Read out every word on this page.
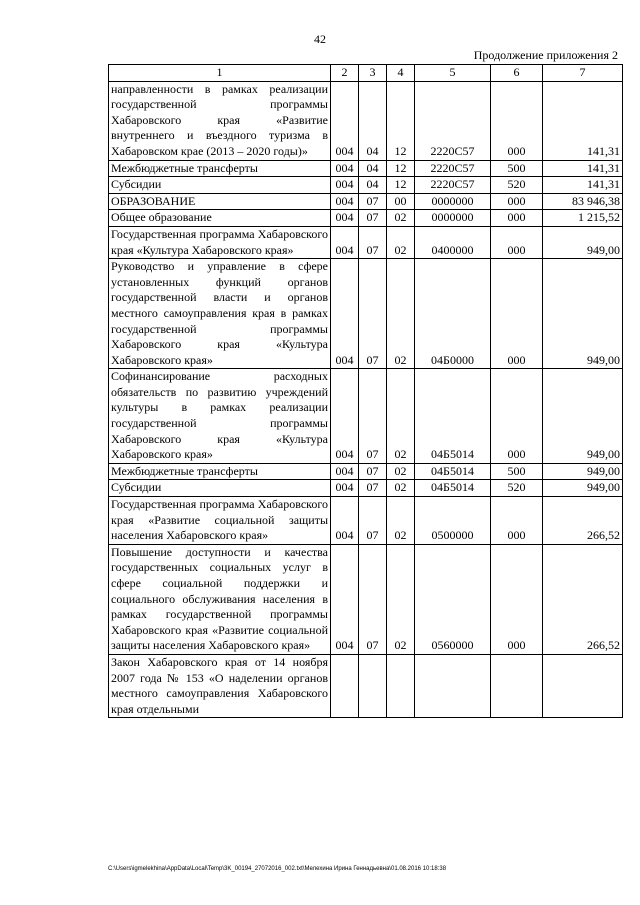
42
Продолжение приложения 2
1	2	3	4	5	6	7
направленности в рамках реализации государственной программы Хабаровского края «Развитие внутреннего и въездного туризма в Хабаровском крае (2013 – 2020 годы)»	004	04	12	2220С57	000	141,31
Межбюджетные трансферты	004	04	12	2220С57	500	141,31
Субсидии	004	04	12	2220С57	520	141,31
ОБРАЗОВАНИЕ	004	07	00	0000000	000	83 946,38
Общее образование	004	07	02	0000000	000	1 215,52
Государственная программа Хабаровского края «Культура Хабаровского края»	004	07	02	0400000	000	949,00
Руководство и управление в сфере установленных функций органов государственной власти и органов местного самоуправления края в рамках государственной программы Хабаровского края «Культура Хабаровского края»	004	07	02	04Б0000	000	949,00
Софинансирование расходных обязательств по развитию учреждений культуры в рамках реализации государственной программы Хабаровского края «Культура Хабаровского края»	004	07	02	04Б5014	000	949,00
Межбюджетные трансферты	004	07	02	04Б5014	500	949,00
Субсидии	004	07	02	04Б5014	520	949,00
Государственная программа Хабаровского края «Развитие социальной защиты населения Хабаровского края»	004	07	02	0500000	000	266,52
Повышение доступности и качества государственных социальных услуг в сфере социальной поддержки и социального обслуживания населения в рамках государственной программы Хабаровского края «Развитие социальной защиты населения Хабаровского края»	004	07	02	0560000	000	266,52
Закон Хабаровского края от 14 ноября 2007 года № 153 «О наделении органов местного самоуправления Хабаровского края отдельными						
C:\Users\igmelekhina\AppData\Local\Temp\3K_00194_27072016_002.txt\Мелехина Ирина Геннадьевна\01.08.2016 10:18:38
